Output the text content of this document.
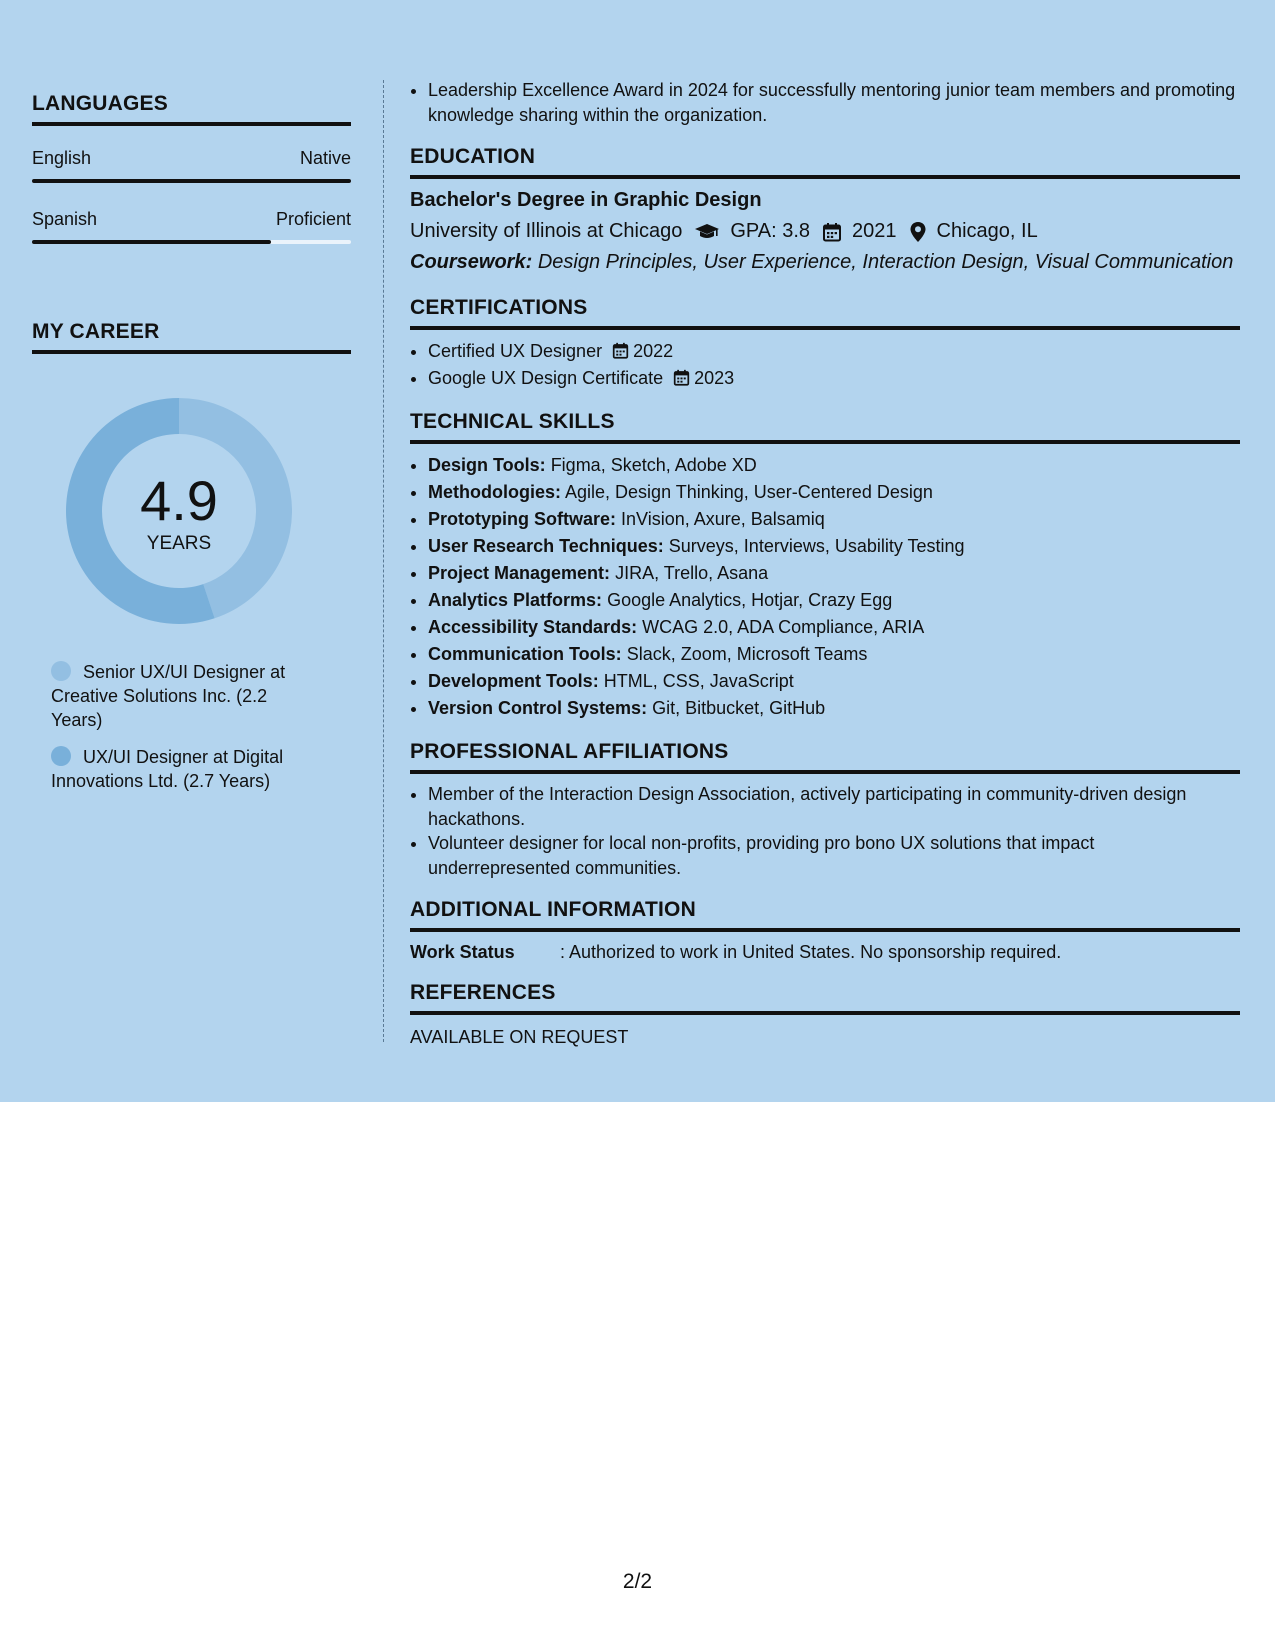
LANGUAGES
English	Native
Spanish	Proficient
MY CAREER
4.9
YEARS
Senior UX/UI Designer at Creative Solutions Inc. (2.2 Years)
UX/UI Designer at Digital Innovations Ltd. (2.7 Years)
• Leadership Excellence Award in 2024 for successfully mentoring junior team members and promoting knowledge sharing within the organization.
EDUCATION
Bachelor's Degree in Graphic Design
University of Illinois at Chicago GPA: 3.8 2021 Chicago, IL
Coursework: Design Principles, User Experience, Interaction Design, Visual Communication
CERTIFICATIONS
• Certified UX Designer 2022
• Google UX Design Certificate 2023
TECHNICAL SKILLS
• Design Tools: Figma, Sketch, Adobe XD
• Methodologies: Agile, Design Thinking, User-Centered Design
• Prototyping Software: InVision, Axure, Balsamiq
• User Research Techniques: Surveys, Interviews, Usability Testing
• Project Management: JIRA, Trello, Asana
• Analytics Platforms: Google Analytics, Hotjar, Crazy Egg
• Accessibility Standards: WCAG 2.0, ADA Compliance, ARIA
• Communication Tools: Slack, Zoom, Microsoft Teams
• Development Tools: HTML, CSS, JavaScript
• Version Control Systems: Git, Bitbucket, GitHub
PROFESSIONAL AFFILIATIONS
• Member of the Interaction Design Association, actively participating in community-driven design hackathons.
• Volunteer designer for local non-profits, providing pro bono UX solutions that impact underrepresented communities.
ADDITIONAL INFORMATION
Work Status	: Authorized to work in United States. No sponsorship required.
REFERENCES
AVAILABLE ON REQUEST
2/2
